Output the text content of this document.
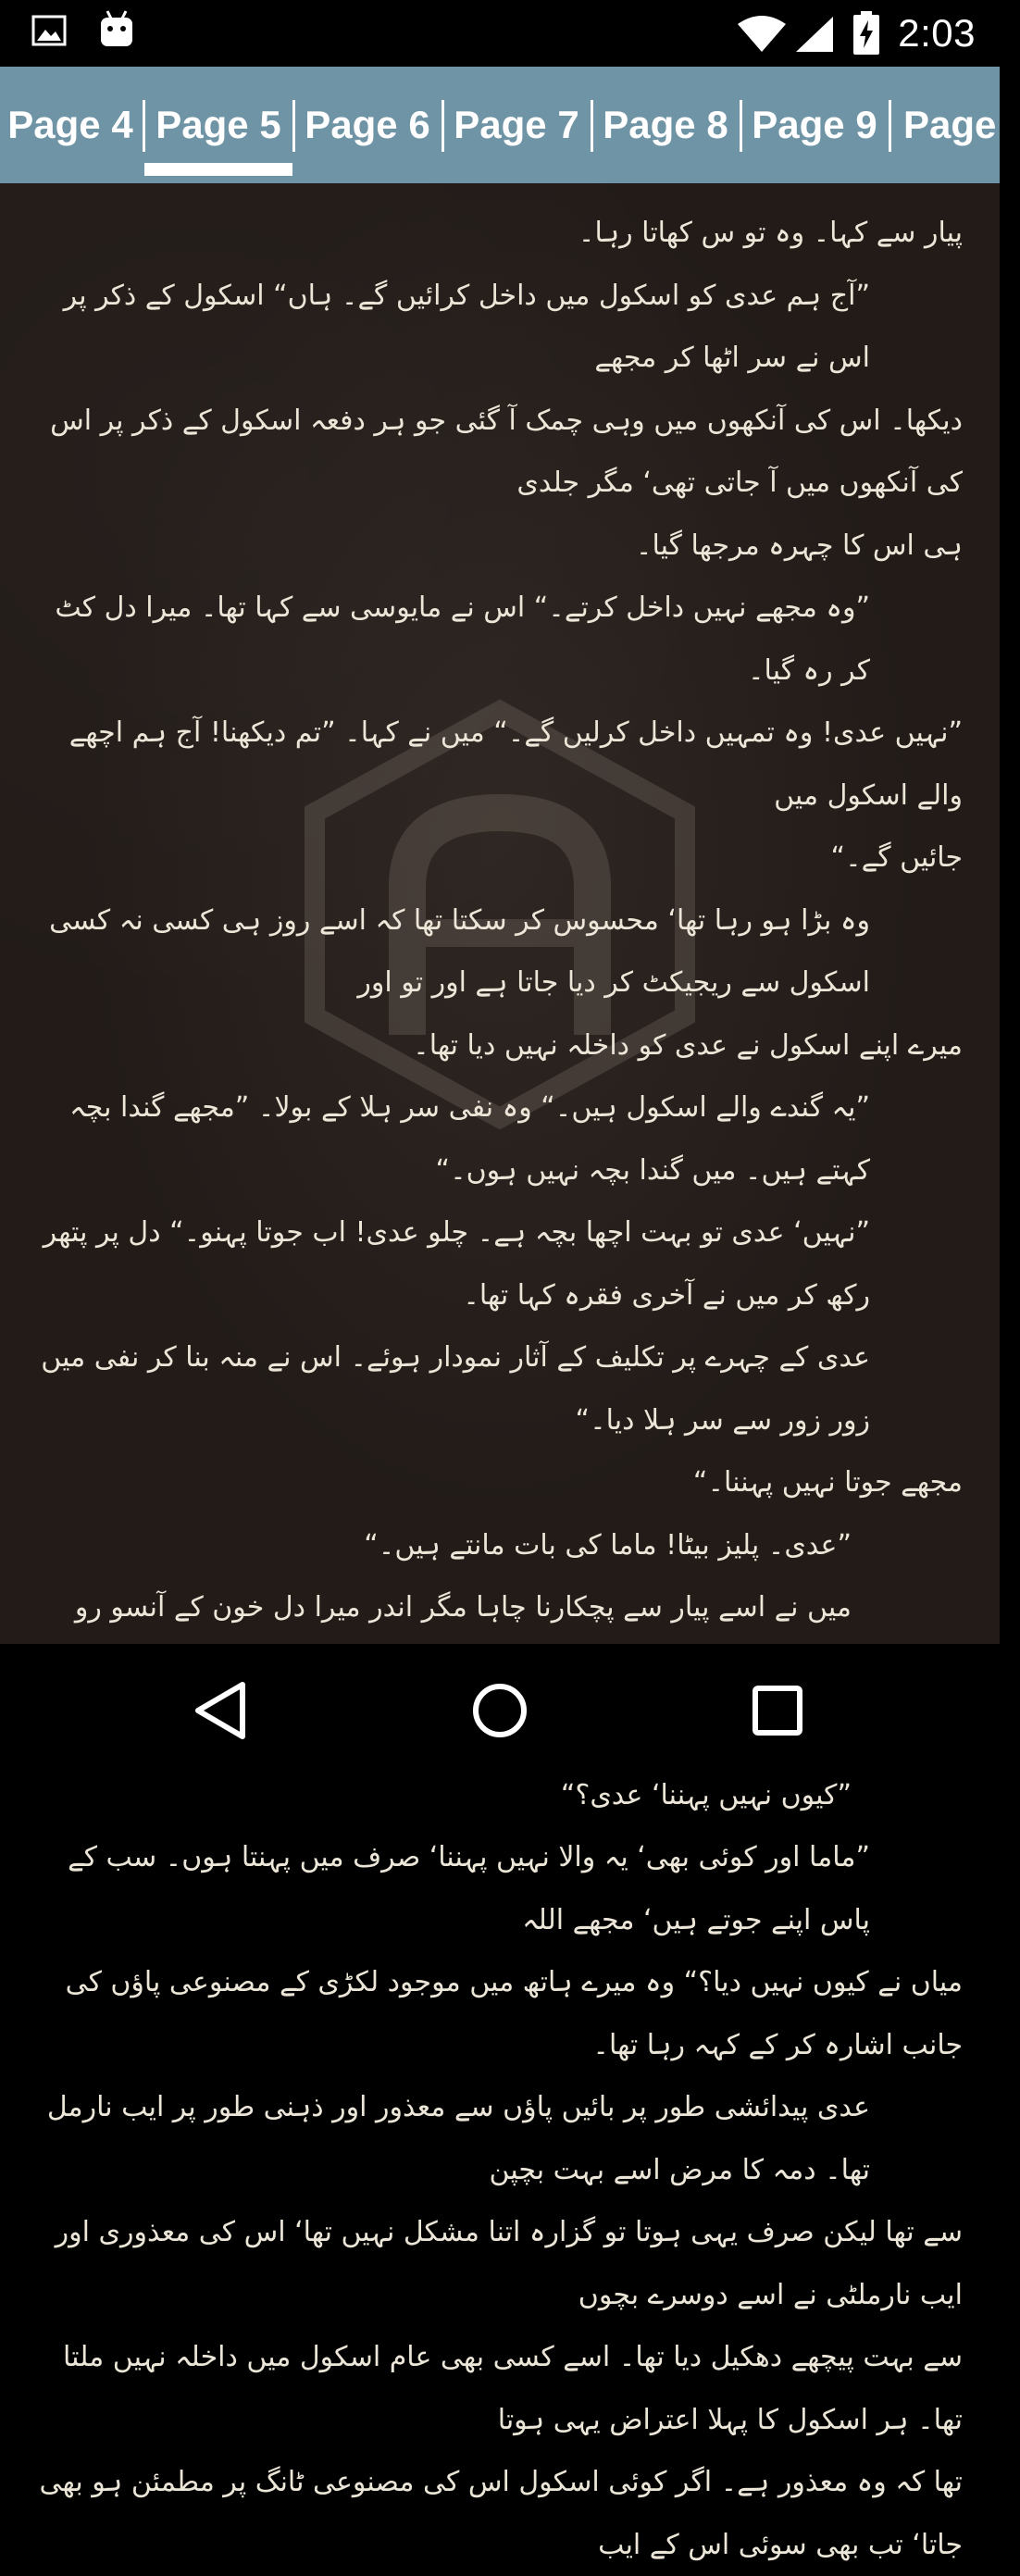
2:03
Page 4 Page 5 Page 6 Page 7 Page 8 Page 9 Page

پیار سے کہا۔ وہ تو س کھاتا رہا۔

”آج ہم عدی کو اسکول میں داخل کرائیں گے۔ ہاں“ اسکول کے ذکر پر اس نے سر اٹھا کر مجھے

دیکھا۔ اس کی آنکھوں میں وہی چمک آ گئی جو ہر دفعہ اسکول کے ذکر پر اس کی آنکھوں میں آ جاتی تھی‘ مگر جلدی

ہی اس کا چہرہ مرجھا گیا۔

”وہ مجھے نہیں داخل کرتے۔“ اس نے مایوسی سے کہا تھا۔ میرا دل کٹ کر رہ گیا۔

”نہیں عدی! وہ تمہیں داخل کرلیں گے۔“ میں نے کہا۔ ”تم دیکھنا! آج ہم اچھے والے اسکول میں

جائیں گے۔“

وہ بڑا ہو رہا تھا‘ محسوس کر سکتا تھا کہ اسے روز ہی کسی نہ کسی اسکول سے ریجیکٹ کر دیا جاتا ہے اور تو اور

میرے اپنے اسکول نے عدی کو داخلہ نہیں دیا تھا۔

”یہ گندے والے اسکول ہیں۔“ وہ نفی سر ہلا کے بولا۔ ”مجھے گندا بچہ کہتے ہیں۔ میں گندا بچہ نہیں ہوں۔“

”نہیں‘ عدی تو بہت اچھا بچہ ہے۔ چلو عدی! اب جوتا پہنو۔“ دل پر پتھر رکھ کر میں نے آخری فقرہ کہا تھا۔

عدی کے چہرے پر تکلیف کے آثار نمودار ہوئے۔ اس نے منہ بنا کر نفی میں زور زور سے سر ہلا دیا۔“

مجھے جوتا نہیں پہننا۔“

”عدی۔ پلیز بیٹا! ماما کی بات مانتے ہیں۔“

میں نے اسے پیار سے پچکارنا چاہا مگر اندر میرا دل خون کے آنسو رو

”کیوں نہیں پہننا‘ عدی؟“

”ماما اور کوئی بھی‘ یہ والا نہیں پہننا‘ صرف میں پہنتا ہوں۔ سب کے پاس اپنے جوتے ہیں‘ مجھے اللہ

میاں نے کیوں نہیں دیا؟“ وہ میرے ہاتھ میں موجود لکڑی کے مصنوعی پاؤں کی جانب اشارہ کر کے کہہ رہا تھا۔

عدی پیدائشی طور پر بائیں پاؤں سے معذور اور ذہنی طور پر ایب نارمل تھا۔ دمہ کا مرض اسے بہت بچپن

سے تھا لیکن صرف یہی ہوتا تو گزارہ اتنا مشکل نہیں تھا‘ اس کی معذوری اور ایب نارملٹی نے اسے دوسرے بچوں

سے بہت پیچھے دھکیل دیا تھا۔ اسے کسی بھی عام اسکول میں داخلہ نہیں ملتا تھا۔ ہر اسکول کا پہلا اعتراض یہی ہوتا

تھا کہ وہ معذور ہے۔ اگر کوئی اسکول اس کی مصنوعی ٹانگ پر مطمئن ہو بھی جاتا‘ تب بھی سوئی اس کے ایب
